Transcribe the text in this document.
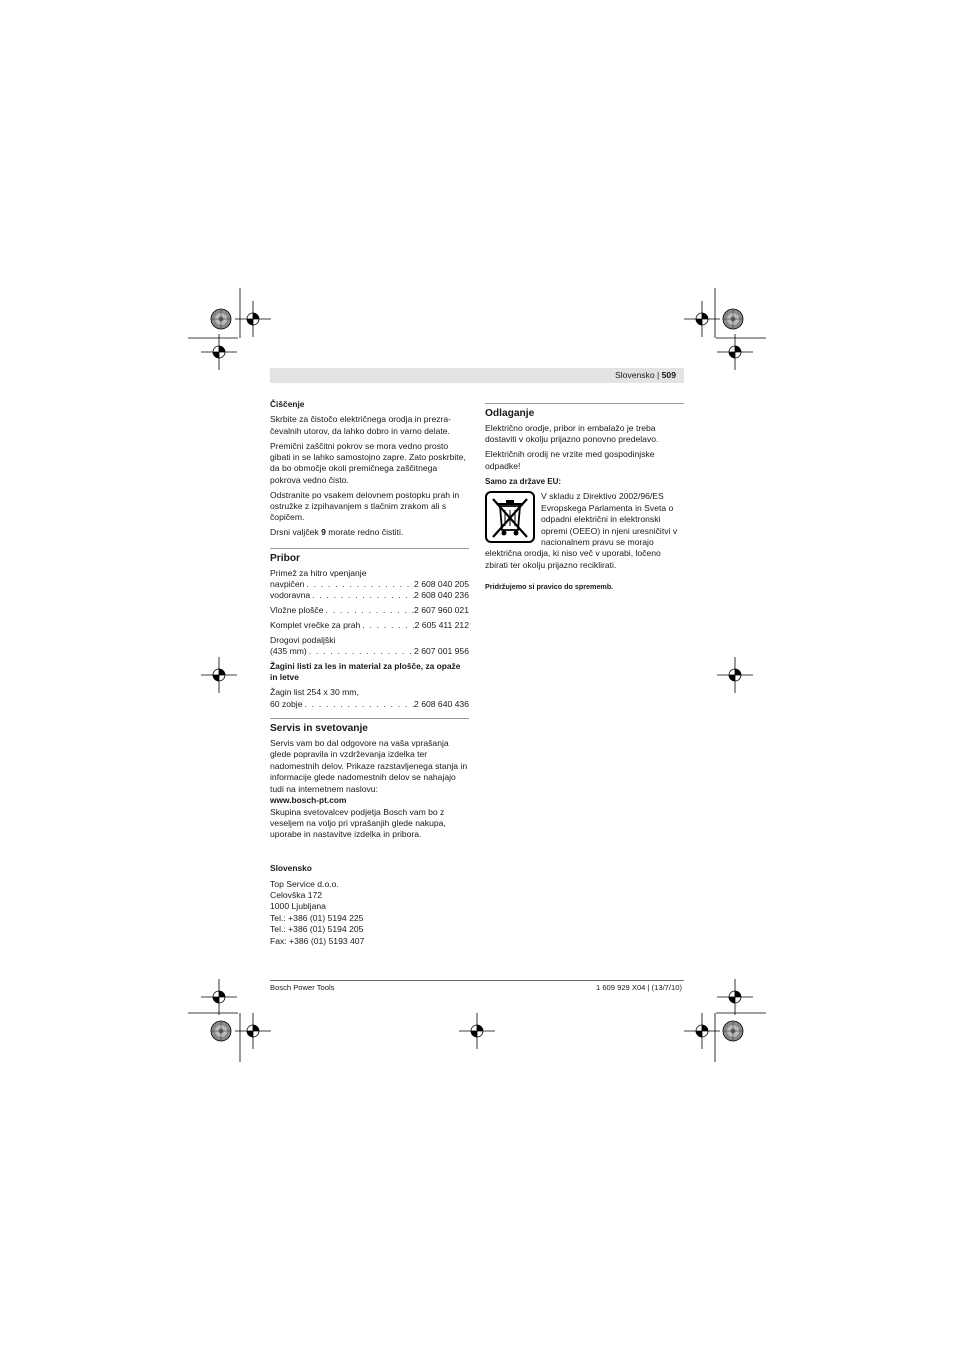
Slovensko | 509
Čiščenje

Skrbite za čistočo električnega orodja in prezra-čevalnih utorov, da lahko dobro in varno delate.

Premični zaščitni pokrov se mora vedno prosto gibati in se lahko samostojno zapre. Zato poskrbite, da bo območje okoli premičnega zaščitnega pokrova vedno čisto.

Odstranite po vsakem delovnem postopku prah in ostružke z izpihavanjem s tlačnim zrakom ali s čopičem.

Drsni valjček 9 morate redno čistiti.

Pribor
Primež za hitro vpenjanje
navpičen . . .	2 608 040 205
vodoravna . . .	2 608 040 236
Vložne plošče . . .	2 607 960 021
Komplet vrečke za prah . . .	2 605 411 212
Drogovi podaljški
(435 mm) . . .	2 607 001 956
Žagini listi za les in material za plošče, za opaže in letve
Žagin list 254 x 30 mm,
60 zobje . . .	2 608 640 436
Servis in svetovanje

Servis vam bo dal odgovore na vaša vprašanja glede popravila in vzdrževanja izdelka ter nadomestnih delov. Prikaze razstavljenega stanja in informacije glede nadomestnih delov se nahajajo tudi na internetnem naslovu:

www.bosch-pt.com

Skupina svetovalcev podjetja Bosch vam bo z veseljem na voljo pri vprašanjih glede nakupa, uporabe in nastavitve izdelka in pribora.

Slovensko
Top Service d.o.o.
Celovška 172
1000 Ljubljana
Tel.: +386 (01) 5194 225
Tel.: +386 (01) 5194 205
Fax: +386 (01) 5193 407
Odlaganje

Električno orodje, pribor in embalažo je treba dostaviti v okolju prijazno ponovno predelavo.

Električnih orodij ne vrzite med gospodinjske odpadke!

Samo za države EU:
V skladu z Direktivo 2002/96/ES Evropskega Parlamenta in Sveta o odpadni električni in elektronski opremi (OEEO) in njeni uresničitvi v nacionalnem pravu se morajo električna orodja, ki niso več v uporabi, ločeno zbirati ter okolju prijazno reciklirati.
Pridržujemo si pravico do sprememb.
Bosch Power Tools	1 609 929 X04 | (13/7/10)
